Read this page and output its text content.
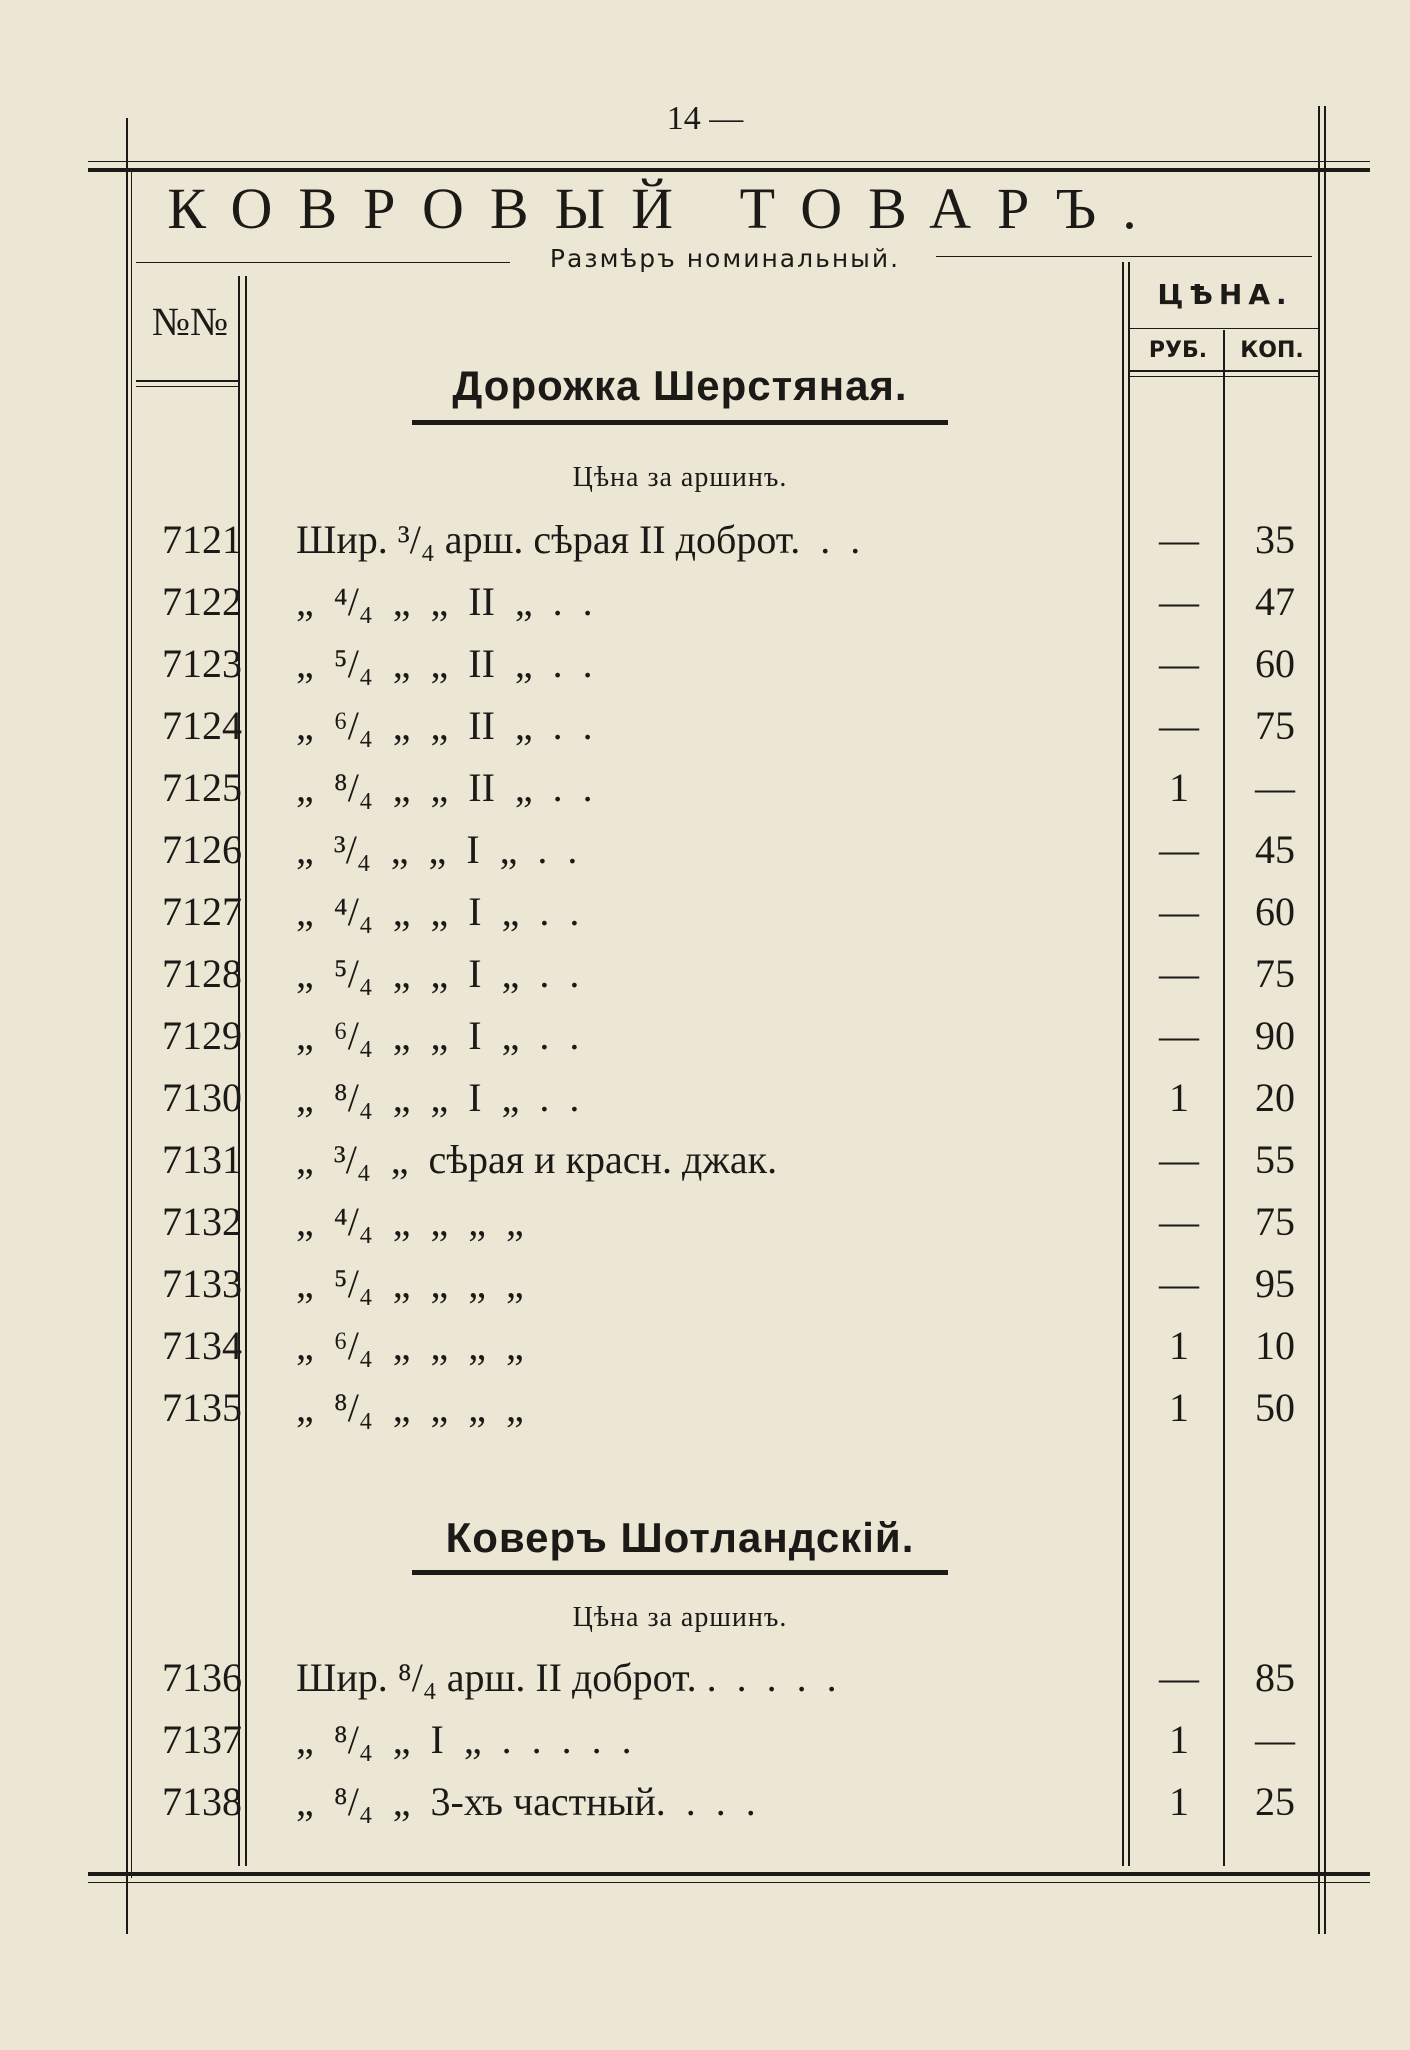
14 —
КОВРОВЫЙ ТОВАРЪ.
Размѣръ номинальный.
№№
ЦѢНА.
РУБ.	КОП.
Дорожка Шерстяная.
Цѣна за аршинъ.
7121 Шир. ³/₄ арш. сѣрая II доброт.  .  .	—	35
7122 „  ⁴/₄  „  „  II  „  .  .	—	47
7123 „  ⁵/₄  „  „  II  „  .  .	—	60
7124 „  ⁶/₄  „  „  II  „  .  .	—	75
7125 „  ⁸/₄  „  „  II  „  .  .	1	—
7126 „  ³/₄  „  „  I  „  .  .	—	45
7127 „  ⁴/₄  „  „  I  „  .  .	—	60
7128 „  ⁵/₄  „  „  I  „  .  .	—	75
7129 „  ⁶/₄  „  „  I  „  .  .	—	90
7130 „  ⁸/₄  „  „  I  „  .  .	1	20
7131 „  ³/₄  „  сѣрая и красн. джак.	—	55
7132 „  ⁴/₄  „  „  „  „	—	75
7133 „  ⁵/₄  „  „  „  „	—	95
7134 „  ⁶/₄  „  „  „  „	1	10
7135 „  ⁸/₄  „  „  „  „	1	50
Коверъ Шотландскій.
Цѣна за аршинъ.
7136 Шир. ⁸/₄ арш. II доброт. .  .  .  .  .	—	85
7137 „  ⁸/₄  „  I  „  .  .  .  .  .	1	—
7138 „  ⁸/₄  „  3-хъ частный.  .  .  .	1	25
